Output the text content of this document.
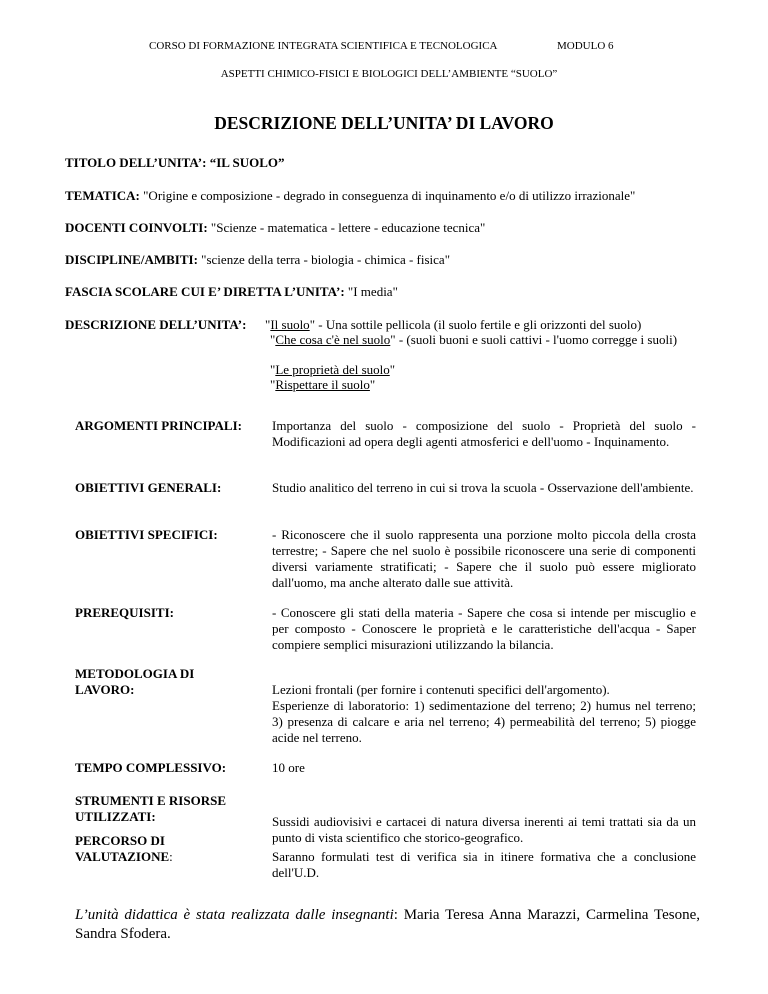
CORSO DI FORMAZIONE INTEGRATA SCIENTIFICA E TECNOLOGICA	MODULO 6
ASPETTI CHIMICO-FISICI E BIOLOGICI DELL’AMBIENTE “SUOLO”
DESCRIZIONE DELL’UNITA’ DI LAVORO
TITOLO DELL’UNITA’: “IL SUOLO”
TEMATICA: "Origine e composizione - degrado in conseguenza di inquinamento e/o di utilizzo irrazionale"
DOCENTI COINVOLTI: "Scienze - matematica - lettere - educazione tecnica"
DISCIPLINE/AMBITI: "scienze della terra - biologia - chimica - fisica"
FASCIA SCOLARE CUI E’ DIRETTA L’UNITA’: "I media"
DESCRIZIONE DELL’UNITA’: "Il suolo" - Una sottile pellicola (il suolo fertile e gli orizzonti del suolo)
"Che cosa c'è nel suolo" - (suoli buoni e suoli cattivi - l'uomo corregge i suoli)
"Le proprietà del suolo"
"Rispettare il suolo"
ARGOMENTI PRINCIPALI:	Importanza del suolo - composizione del suolo - Proprietà del suolo - Modificazioni ad opera degli agenti atmosferici e dell'uomo - Inquinamento.
OBIETTIVI GENERALI:	Studio analitico del terreno in cui si trova la scuola - Osservazione dell'ambiente.
OBIETTIVI SPECIFICI:	- Riconoscere che il suolo rappresenta una porzione molto piccola della crosta terrestre; - Sapere che nel suolo è possibile riconoscere una serie di componenti diversi variamente stratificati; - Sapere che il suolo può essere migliorato dall'uomo, ma anche alterato dalle sue attività.
PREREQUISITI:	- Conoscere gli stati della materia - Sapere che cosa si intende per miscuglio e per composto - Conoscere le proprietà e le caratteristiche dell'acqua - Saper compiere semplici misurazioni utilizzando la bilancia.
METODOLOGIA DI LAVORO:	Lezioni frontali (per fornire i contenuti specifici dell'argomento).
Esperienze di laboratorio: 1) sedimentazione del terreno; 2) humus nel terreno; 3) presenza di calcare e aria nel terreno; 4) permeabilità del terreno; 5) piogge acide nel terreno.
TEMPO COMPLESSIVO:	10 ore
STRUMENTI E RISORSE UTILIZZATI:	Sussidi audiovisivi e cartacei di natura diversa inerenti ai temi trattati sia da un punto di vista scientifico che storico-geografico.
PERCORSO DI VALUTAZIONE:	Saranno formulati test di verifica sia in itinere formativa che a conclusione dell'U.D.
L’unità didattica è stata realizzata dalle insegnanti: Maria Teresa Anna Marazzi, Carmelina Tesone, Sandra Sfodera.
